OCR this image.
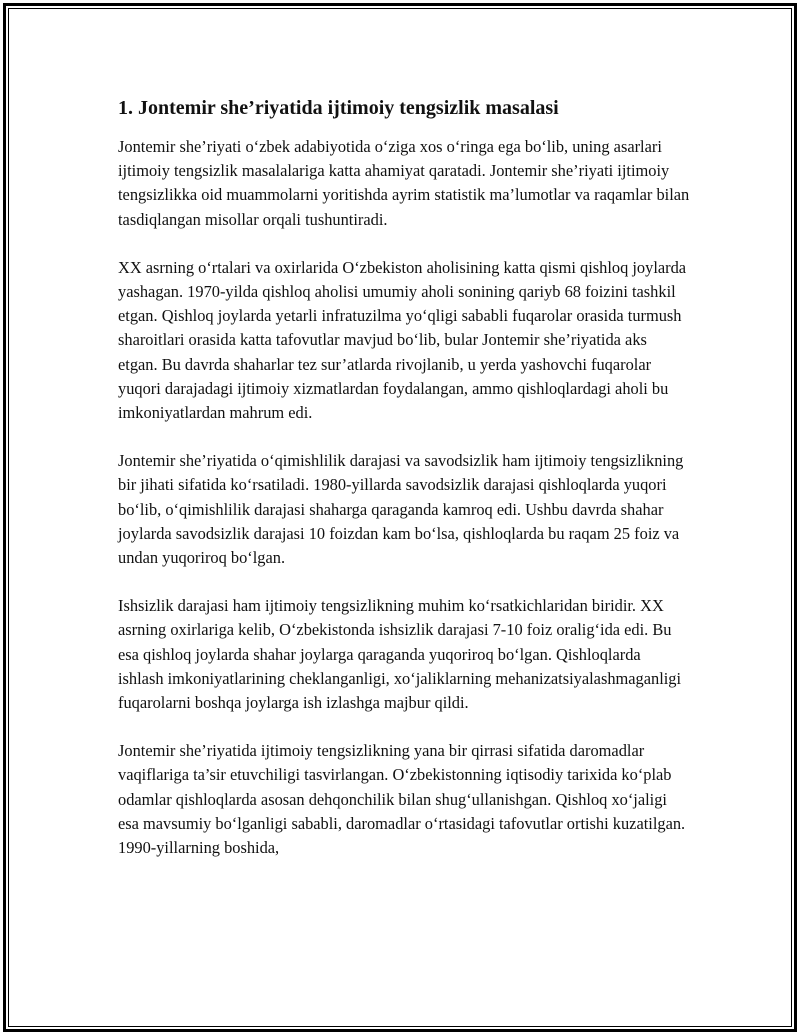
1. Jontemir she’riyatida ijtimoiy tengsizlik masalasi

Jontemir she’riyati o‘zbek adabiyotida o‘ziga xos o‘ringa ega bo‘lib, uning asarlari ijtimoiy tengsizlik masalalariga katta ahamiyat qaratadi. Jontemir she’riyati ijtimoiy tengsizlikka oid muammolarni yoritishda ayrim statistik ma’lumotlar va raqamlar bilan tasdiqlangan misollar orqali tushuntiradi.

XX asrning o‘rtalari va oxirlarida O‘zbekiston aholisining katta qismi qishloq joylarda yashagan. 1970-yilda qishloq aholisi umumiy aholi sonining qariyb 68 foizini tashkil etgan. Qishloq joylarda yetarli infratuzilma yo‘qligi sababli fuqarolar orasida turmush sharoitlari orasida katta tafovutlar mavjud bo‘lib, bular Jontemir she’riyatida aks etgan. Bu davrda shaharlar tez sur’atlarda rivojlanib, u yerda yashovchi fuqarolar yuqori darajadagi ijtimoiy xizmatlardan foydalangan, ammo qishloqlardagi aholi bu imkoniyatlardan mahrum edi.

Jontemir she’riyatida o‘qimishlilik darajasi va savodsizlik ham ijtimoiy tengsizlikning bir jihati sifatida ko‘rsatiladi. 1980-yillarda savodsizlik darajasi qishloqlarda yuqori bo‘lib, o‘qimishlilik darajasi shaharga qaraganda kamroq edi. Ushbu davrda shahar joylarda savodsizlik darajasi 10 foizdan kam bo‘lsa, qishloqlarda bu raqam 25 foiz va undan yuqoriroq bo‘lgan.

Ishsizlik darajasi ham ijtimoiy tengsizlikning muhim ko‘rsatkichlaridan biridir. XX asrning oxirlariga kelib, O‘zbekistonda ishsizlik darajasi 7-10 foiz oralig‘ida edi. Bu esa qishloq joylarda shahar joylarga qaraganda yuqoriroq bo‘lgan. Qishloqlarda ishlash imkoniyatlarining cheklanganligi, xo‘jaliklarning mehanizatsiyalashmaganligi fuqarolarni boshqa joylarga ish izlashga majbur qildi.

Jontemir she’riyatida ijtimoiy tengsizlikning yana bir qirrasi sifatida daromadlar vaqiflariga ta’sir etuvchiligi tasvirlangan. O‘zbekistonning iqtisodiy tarixida ko‘plab odamlar qishloqlarda asosan dehqonchilik bilan shug‘ullanishgan. Qishloq xo‘jaligi esa mavsumiy bo‘lganligi sababli, daromadlar o‘rtasidagi tafovutlar ortishi kuzatilgan. 1990-yillarning boshida,
